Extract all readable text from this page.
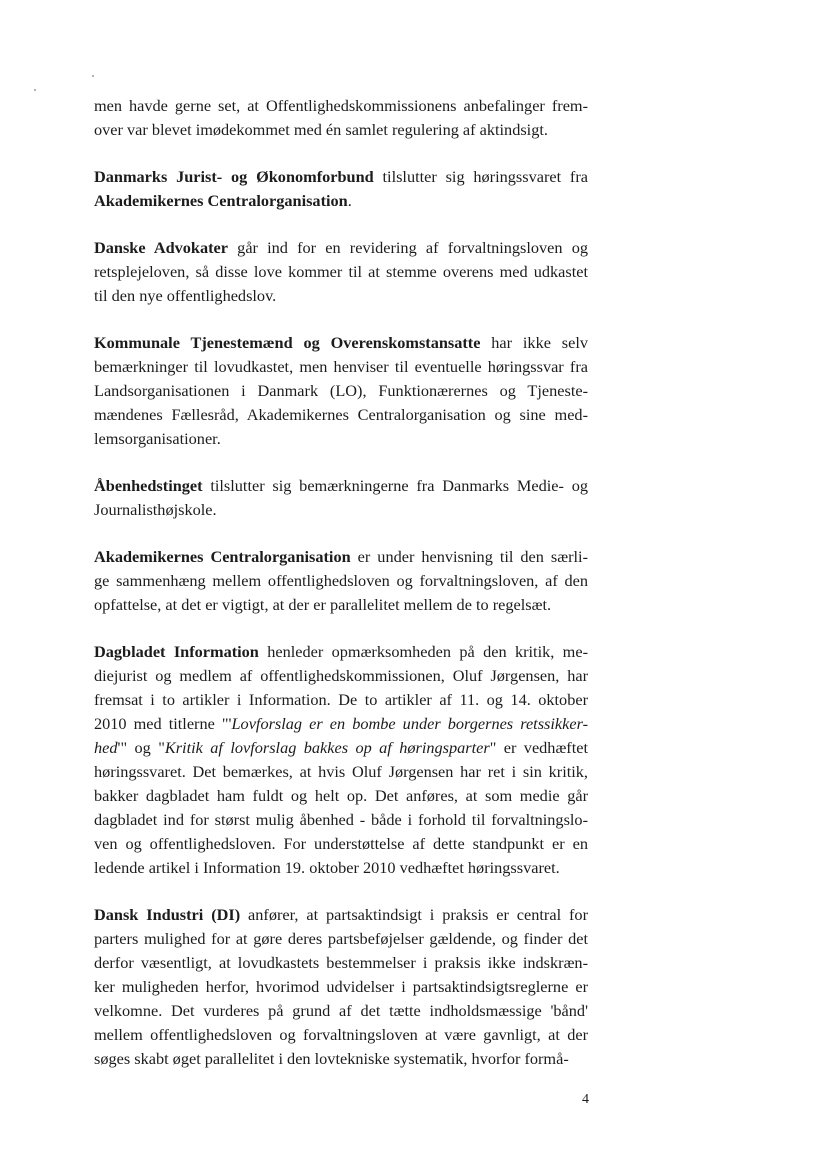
men havde gerne set, at Offentlighedskommissionens anbefalinger frem-
over var blevet imødekommet med én samlet regulering af aktindsigt.

Danmarks Jurist- og Økonomforbund tilslutter sig høringssvaret fra
Akademikernes Centralorganisation.

Danske Advokater går ind for en revidering af forvaltningsloven og
retsplejeloven, så disse love kommer til at stemme overens med udkastet
til den nye offentlighedslov.

Kommunale Tjenestemænd og Overenskomstansatte har ikke selv
bemærkninger til lovudkastet, men henviser til eventuelle høringssvar fra
Landsorganisationen i Danmark (LO), Funktionærernes og Tjeneste-
mændenes Fællesråd, Akademikernes Centralorganisation og sine med-
lemsorganisationer.

Åbenhedstinget tilslutter sig bemærkningerne fra Danmarks Medie- og
Journalisthøjskole.

Akademikernes Centralorganisation er under henvisning til den særli-
ge sammenhæng mellem offentlighedsloven og forvaltningsloven, af den
opfattelse, at det er vigtigt, at der er parallelitet mellem de to regelsæt.

Dagbladet Information henleder opmærksomheden på den kritik, me-
diejurist og medlem af offentlighedskommissionen, Oluf Jørgensen, har
fremsat i to artikler i Information. De to artikler af 11. og 14. oktober
2010 med titlerne "'Lovforslag er en bombe under borgernes retssikker-
hed'" og "Kritik af lovforslag bakkes op af høringsparter" er vedhæftet
høringssvaret. Det bemærkes, at hvis Oluf Jørgensen har ret i sin kritik,
bakker dagbladet ham fuldt og helt op. Det anføres, at som medie går
dagbladet ind for størst mulig åbenhed - både i forhold til forvaltningslo-
ven og offentlighedsloven. For understøttelse af dette standpunkt er en
ledende artikel i Information 19. oktober 2010 vedhæftet høringssvaret.

Dansk Industri (DI) anfører, at partsaktindsigt i praksis er central for
parters mulighed for at gøre deres partsbeføjelser gældende, og finder det
derfor væsentligt, at lovudkastets bestemmelser i praksis ikke indskræn-
ker muligheden herfor, hvorimod udvidelser i partsaktindsigtsreglerne er
velkomne. Det vurderes på grund af det tætte indholdsmæssige 'bånd'
mellem offentlighedsloven og forvaltningsloven at være gavnligt, at der
søges skabt øget parallelitet i den lovtekniske systematik, hvorfor formå-

4
